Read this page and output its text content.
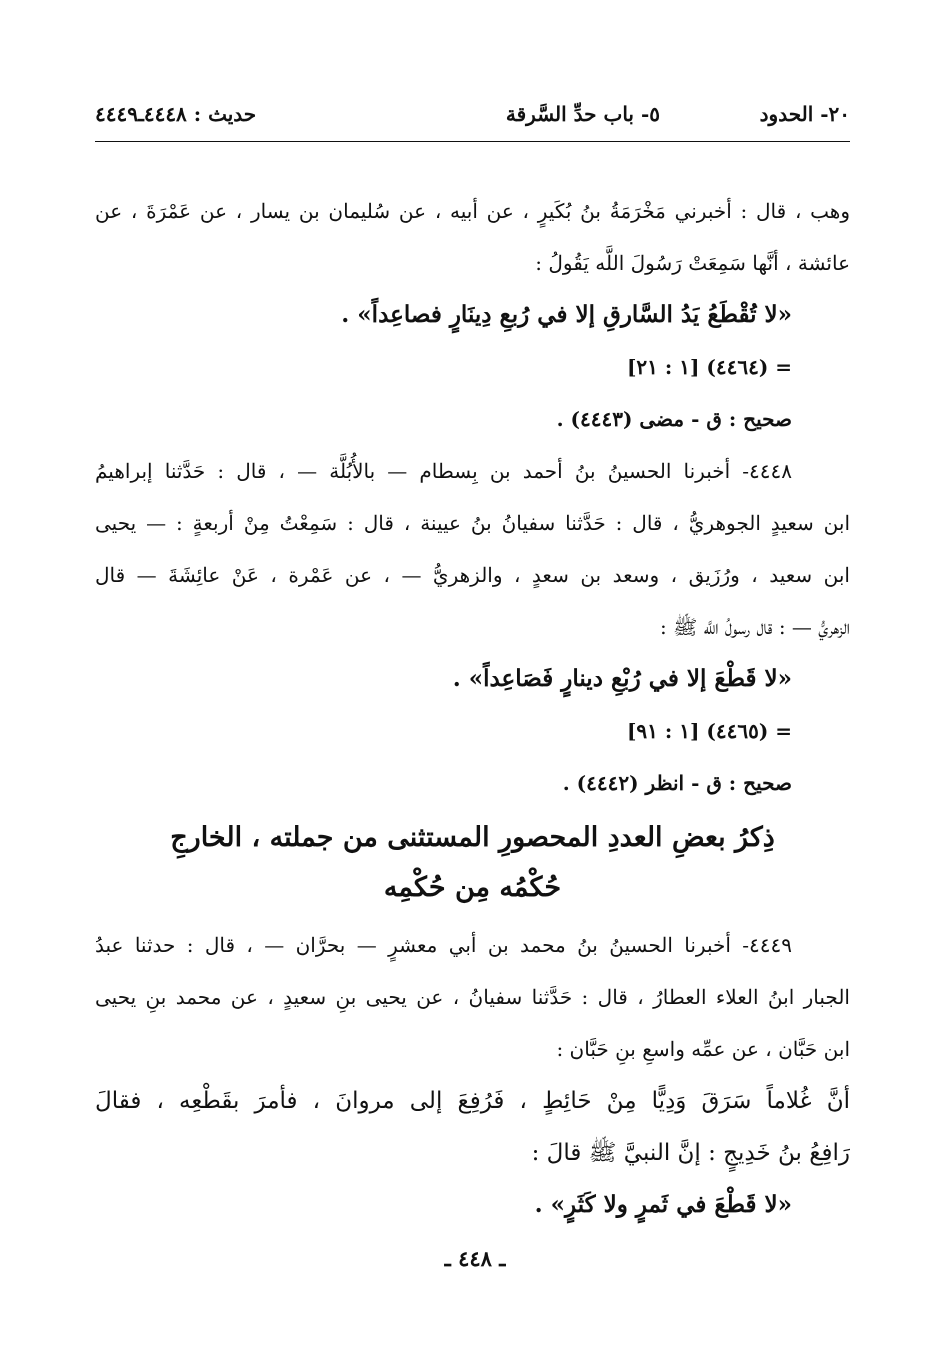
٢٠- الحدود
٥- باب حدِّ السَّرقة
حديث : ٤٤٤٨ـ٤٤٤٩
وهب ، قال : أخبرني مَخْرَمَةُ بنُ بُكَيرٍ ، عن أبيه ، عن سُليمان بن يسار ، عن عَمْرَةَ ، عن
عائشة ، أنَّها سَمِعَتْ رَسُولَ اللَّه يَقُولُ :
«لا تُقْطَعُ يَدُ السَّارقِ إلا في رُبعِ دِينَارٍ فصاعِداً» .
= (٤٤٦٤) [١ : ٢١]
صحيح : ق - مضى (٤٤٤٣) .
٤٤٤٨- أخبرنا الحسينُ بنُ أحمد بن بِسطام — بالأُبُلَّة — ، قال : حَدَّثنا إبراهيمُ
ابن سعيدٍ الجوهريُّ ، قال : حَدَّثنا سفيانُ بنُ عيينة ، قال : سَمِعْتُ مِنْ أربعةٍ : — يحيى
ابن سعيد ، ورُزَيق ، وسعد بن سعدٍ ، والزهريُّ — ، عن عَمْرة ، عَنْ عائِشَةَ — قال
الزهريُّ — : قال رسولُ اللَّه ﷺ :
«لا قَطْعَ إلا في رُبْعِ دينارٍ فَصَاعِداً» .
= (٤٤٦٥) [١ : ٩١]
صحيح : ق - انظر (٤٤٤٢) .
ذِكرُ بعضِ العددِ المحصورِ المستثنى من جملته ، الخارجِ
حُكْمُه مِن حُكْمِه
٤٤٤٩- أخبرنا الحسينُ بنُ محمد بن أبي معشرٍ — بحرَّان — ، قال : حدثنا عبدُ
الجبار ابنُ العلاء العطارُ ، قال : حَدَّثنا سفيانُ ، عن يحيى بنِ سعيدٍ ، عن محمد بنِ يحيى
ابن حَبَّان ، عن عمِّه واسعِ بنِ حَبَّان :
أنَّ غُلاماً سَرَقَ وَدِيًّا مِنْ حَائِطٍ ، فَرُفِعَ إلى مروانَ ، فأمرَ بقَطْعِه ، فقالَ
رَافِعُ بنُ خَدِيجٍ : إنَّ النبيَّ ﷺ قالَ :
«لا قَطْعَ في ثَمرٍ ولا كَثَرٍ» .
ـ ٤٤٨ ـ
